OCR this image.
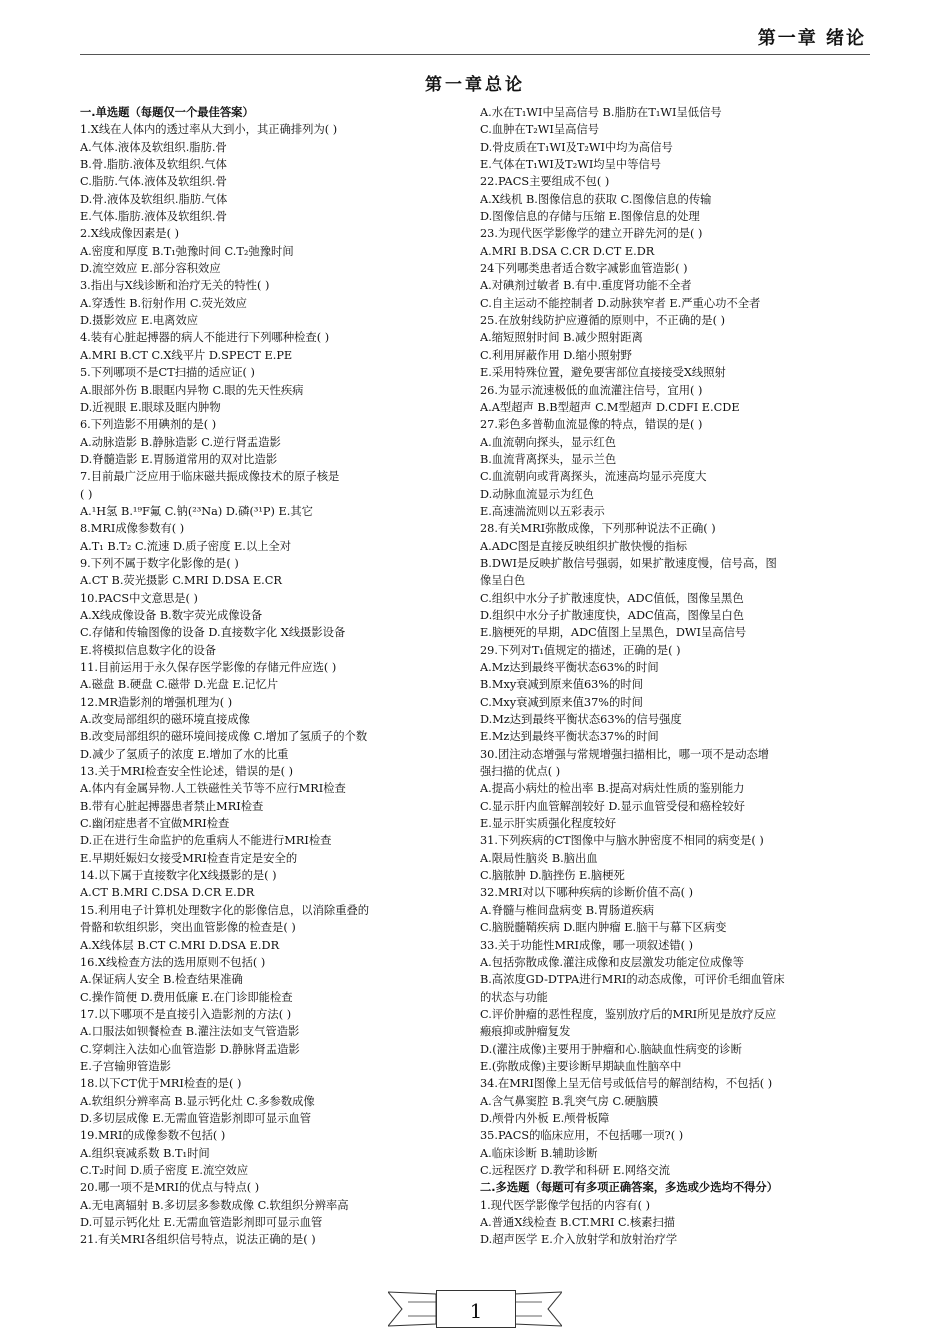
第一章 绪论
第一章总论
一.单选题（每题仅一个最佳答案）
1.X线在人体内的透过率从大到小，其正确排列为( )
A.气体.液体及软组织.脂肪.骨
B.骨.脂肪.液体及软组织.气体
C.脂肪.气体.液体及软组织.骨
D.骨.液体及软组织.脂肪.气体
E.气体.脂肪.液体及软组织.骨
2.X线成像因素是( )
A.密度和厚度 B.T₁弛豫时间 C.T₂弛豫时间
D.流空效应 E.部分容积效应
3.指出与X线诊断和治疗无关的特性( )
A.穿透性 B.衍射作用 C.荧光效应
D.摄影效应 E.电离效应
4.装有心脏起搏器的病人不能进行下列哪种检查( )
A.MRI B.CT C.X线平片 D.SPECT E.PE
5.下列哪项不是CT扫描的适应证( )
A.眼部外伤 B.眼眶内异物 C.眼的先天性疾病
D.近视眼 E.眼球及眶内肿物
6.下列造影不用碘剂的是( )
A.动脉造影 B.静脉造影 C.逆行肾盂造影
D.脊髓造影 E.胃肠道常用的双对比造影
7.目前最广泛应用于临床磁共振成像技术的原子核是
( )
A.¹H氢 B.¹⁹F氟 C.钠(²³Na) D.磷(³¹P) E.其它
8.MRI成像参数有( )
A.T₁ B.T₂ C.流速 D.质子密度 E.以上全对
9.下列不属于数字化影像的是( )
A.CT B.荧光摄影 C.MRI D.DSA E.CR
10.PACS中文意思是( )
A.X线成像设备 B.数字荧光成像设备
C.存储和传输图像的设备 D.直接数字化 X线摄影设备
E.将模拟信息数字化的设备
11.目前运用于永久保存医学影像的存储元件应选( )
A.磁盘 B.硬盘 C.磁带 D.光盘 E.记忆片
12.MR造影剂的增强机理为( )
A.改变局部组织的磁环境直接成像
B.改变局部组织的磁环境间接成像 C.增加了氢质子的个数
D.减少了氢质子的浓度 E.增加了水的比重
13.关于MRI检查安全性论述，错误的是( )
A.体内有金属异物.人工铁磁性关节等不应行MRI检查
B.带有心脏起搏器患者禁止MRI检查
C.幽闭症患者不宜做MRI检查
D.正在进行生命监护的危重病人不能进行MRI检查
E.早期妊娠妇女接受MRI检查肯定是安全的
14.以下属于直接数字化X线摄影的是( )
A.CT B.MRI C.DSA D.CR E.DR
15.利用电子计算机处理数字化的影像信息，以消除重叠的
骨骼和软组织影，突出血管影像的检查是( )
A.X线体层 B.CT C.MRI D.DSA E.DR
16.X线检查方法的选用原则不包括( )
A.保证病人安全 B.检查结果准确
C.操作简便 D.费用低廉 E.在门诊即能检查
17.以下哪项不是直接引入造影剂的方法( )
A.口服法如钡餐检查 B.灌注法如支气管造影
C.穿刺注入法如心血管造影 D.静脉肾盂造影
E.子宫输卵管造影
18.以下CT优于MRI检查的是( )
A.软组织分辨率高 B.显示钙化灶 C.多参数成像
D.多切层成像 E.无需血管造影剂即可显示血管
19.MRI的成像参数不包括( )
A.组织衰减系数 B.T₁时间
C.T₂时间 D.质子密度 E.流空效应
20.哪一项不是MRI的优点与特点( )
A.无电离辐射 B.多切层多参数成像 C.软组织分辨率高
D.可显示钙化灶 E.无需血管造影剂即可显示血管
21.有关MRI各组织信号特点，说法正确的是( )
A.水在T₁WI中呈高信号 B.脂肪在T₁WI呈低信号
C.血肿在T₂WI呈高信号
D.骨皮质在T₁WI及T₂WI中均为高信号
E.气体在T₁WI及T₂WI均呈中等信号
22.PACS主要组成不包( )
A.X线机 B.图像信息的获取 C.图像信息的传输
D.图像信息的存储与压缩 E.图像信息的处理
23.为现代医学影像学的建立开辟先河的是( )
A.MRI B.DSA C.CR D.CT E.DR
24下列哪类患者适合数字减影血管造影( )
A.对碘剂过敏者 B.有中.重度肾功能不全者
C.自主运动不能控制者 D.动脉狭窄者 E.严重心功不全者
25.在放射线防护应遵循的原则中，不正确的是( )
A.缩短照射时间 B.减少照射距离
C.利用屏蔽作用 D.缩小照射野
E.采用特殊位置，避免要害部位直接接受X线照射
26.为显示流速极低的血流灌注信号，宜用( )
A.A型超声 B.B型超声 C.M型超声 D.CDFI E.CDE
27.彩色多普勒血流显像的特点，错误的是( )
A.血流朝向探头，显示红色
B.血流背离探头，显示兰色
C.血流朝向或背离探头，流速高均显示亮度大
D.动脉血流显示为红色
E.高速湍流则以五彩表示
28.有关MRI弥散成像，下列那种说法不正确( )
A.ADC图是直接反映组织扩散快慢的指标
B.DWI是反映扩散信号强弱，如果扩散速度慢，信号高，图
像呈白色
C.组织中水分子扩散速度快，ADC值低，图像呈黑色
D.组织中水分子扩散速度快，ADC值高，图像呈白色
E.脑梗死的早期，ADC值图上呈黑色，DWI呈高信号
29.下列对T₁值规定的描述，正确的是( )
A.Mz达到最终平衡状态63%的时间
B.Mxy衰减到原来值63%的时间
C.Mxy衰减到原来值37%的时间
D.Mz达到最终平衡状态63%的信号强度
E.Mz达到最终平衡状态37%的时间
30.团注动态增强与常规增强扫描相比，哪一项不是动态增
强扫描的优点( )
A.提高小病灶的检出率 B.提高对病灶性质的鉴别能力
C.显示肝内血管解剖较好 D.显示血管受侵和癌栓较好
E.显示肝实质强化程度较好
31.下列疾病的CT图像中与脑水肿密度不相同的病变是( )
A.限局性脑炎 B.脑出血
C.脑脓肿 D.脑挫伤 E.脑梗死
32.MRI对以下哪种疾病的诊断价值不高( )
A.脊髓与椎间盘病变 B.胃肠道疾病
C.脑脱髓鞘疾病 D.眶内肿瘤 E.脑干与幕下区病变
33.关于功能性MRI成像，哪一项叙述错( )
A.包括弥散成像.灌注成像和皮层激发功能定位成像等
B.高浓度GD-DTPA进行MRI的动态成像，可评价毛细血管床
的状态与功能
C.评价肿瘤的恶性程度，鉴别放疗后的MRI所见是放疗反应
瘢痕抑或肿瘤复发
D.(灌注成像)主要用于肿瘤和心.脑缺血性病变的诊断
E.(弥散成像)主要诊断早期缺血性脑卒中
34.在MRI图像上呈无信号或低信号的解剖结构，不包括( )
A.含气鼻窦腔 B.乳突气房 C.硬脑膜
D.颅骨内外板 E.颅骨板障
35.PACS的临床应用，不包括哪一项?( )
A.临床诊断 B.辅助诊断
C.远程医疗 D.教学和科研 E.网络交流
二.多选题（每题可有多项正确答案，多选或少选均不得分）
1.现代医学影像学包括的内容有( )
A.普通X线检查 B.CT.MRI C.核素扫描
D.超声医学 E.介入放射学和放射治疗学
1
